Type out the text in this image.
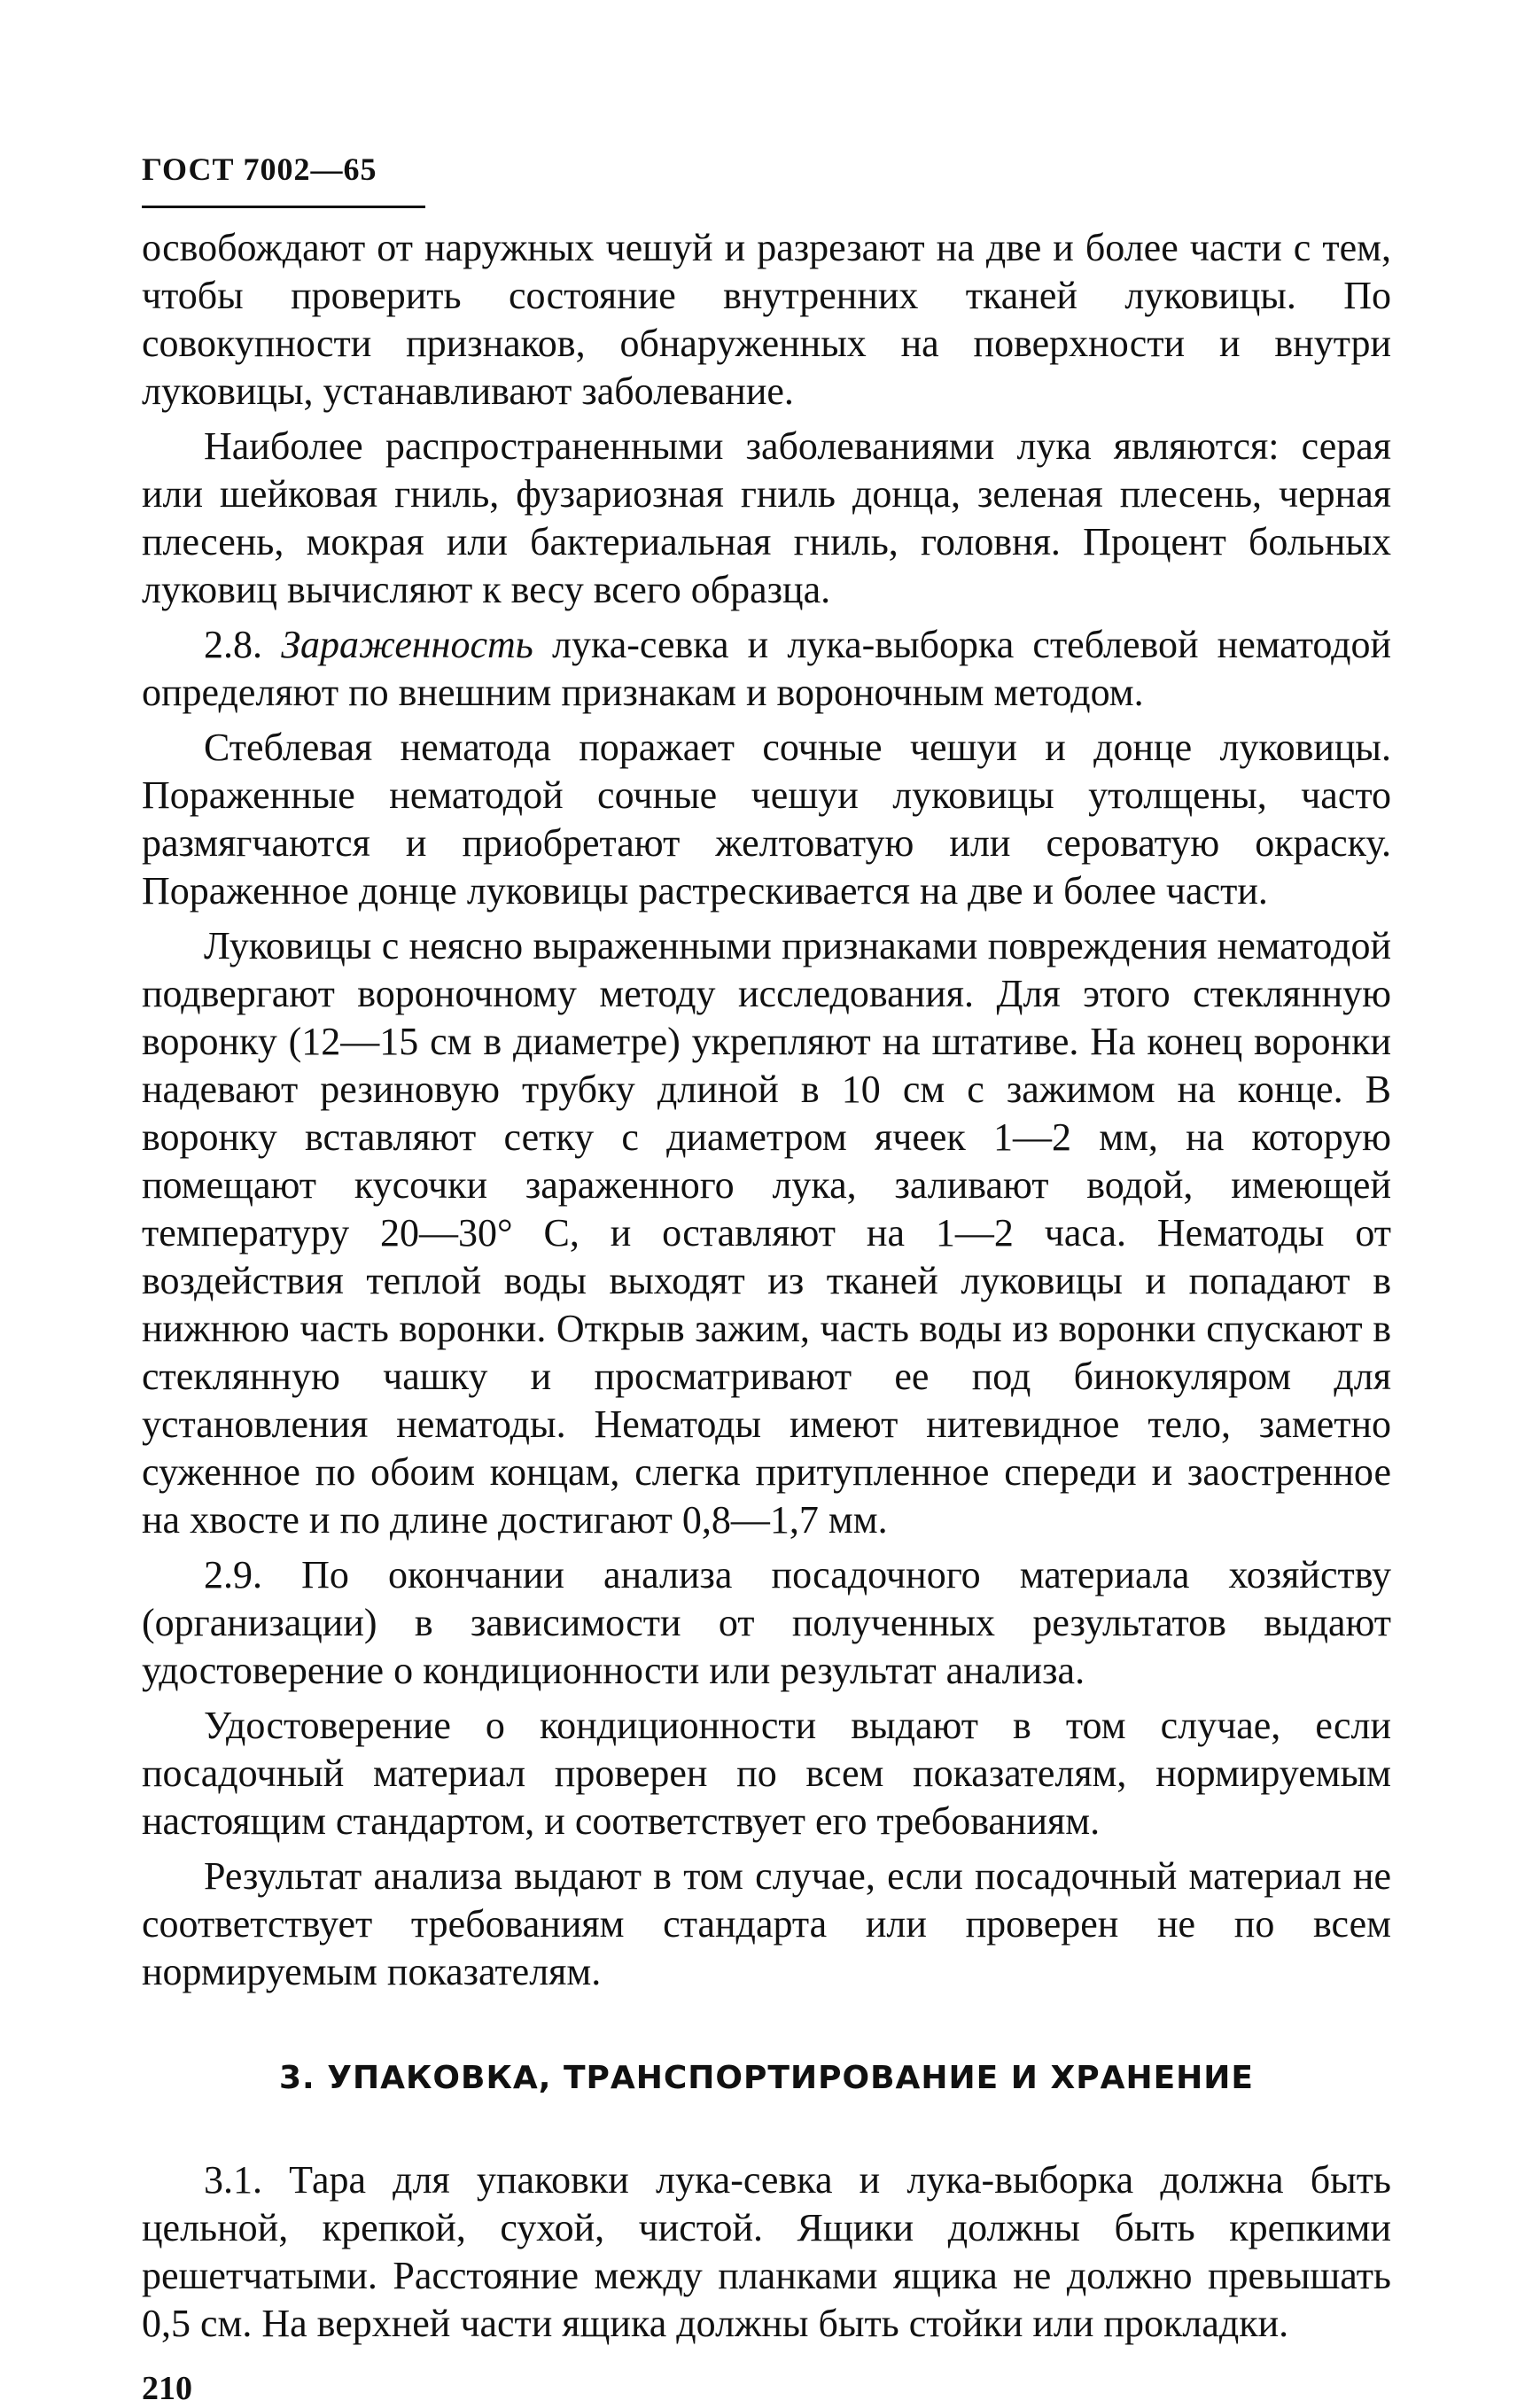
ГОСТ 7002—65

освобождают от наружных чешуй и разрезают на две и более части с тем, чтобы проверить состояние внутренних тканей луковицы. По совокупности признаков, обнаруженных на поверхности и внутри луковицы, устанавливают заболевание.

Наиболее распространенными заболеваниями лука являются: серая или шейковая гниль, фузариозная гниль донца, зеленая плесень, черная плесень, мокрая или бактериальная гниль, головня. Процент больных луковиц вычисляют к весу всего образца.

2.8. Зараженность лука-севка и лука-выборка стеблевой нематодой определяют по внешним признакам и вороночным методом.

Стеблевая нематода поражает сочные чешуи и донце луковицы. Пораженные нематодой сочные чешуи луковицы утолщены, часто размягчаются и приобретают желтоватую или сероватую окраску. Пораженное донце луковицы растрескивается на две и более части.

Луковицы с неясно выраженными признаками повреждения нематодой подвергают вороночному методу исследования. Для этого стеклянную воронку (12—15 см в диаметре) укрепляют на штативе. На конец воронки надевают резиновую трубку длиной в 10 см с зажимом на конце. В воронку вставляют сетку с диаметром ячеек 1—2 мм, на которую помещают кусочки зараженного лука, заливают водой, имеющей температуру 20—30° С, и оставляют на 1—2 часа. Нематоды от воздействия теплой воды выходят из тканей луковицы и попадают в нижнюю часть воронки. Открыв зажим, часть воды из воронки спускают в стеклянную чашку и просматривают ее под бинокуляром для установления нематоды. Нематоды имеют нитевидное тело, заметно суженное по обоим концам, слегка притупленное спереди и заостренное на хвосте и по длине достигают 0,8—1,7 мм.

2.9. По окончании анализа посадочного материала хозяйству (организации) в зависимости от полученных результатов выдают удостоверение о кондиционности или результат анализа.

Удостоверение о кондиционности выдают в том случае, если посадочный материал проверен по всем показателям, нормируемым настоящим стандартом, и соответствует его требованиям.

Результат анализа выдают в том случае, если посадочный материал не соответствует требованиям стандарта или проверен не по всем нормируемым показателям.

3. УПАКОВКА, ТРАНСПОРТИРОВАНИЕ И ХРАНЕНИЕ

3.1. Тара для упаковки лука-севка и лука-выборка должна быть цельной, крепкой, сухой, чистой. Ящики должны быть крепкими решетчатыми. Расстояние между планками ящика не должно превышать 0,5 см. На верхней части ящика должны быть стойки или прокладки.

210
